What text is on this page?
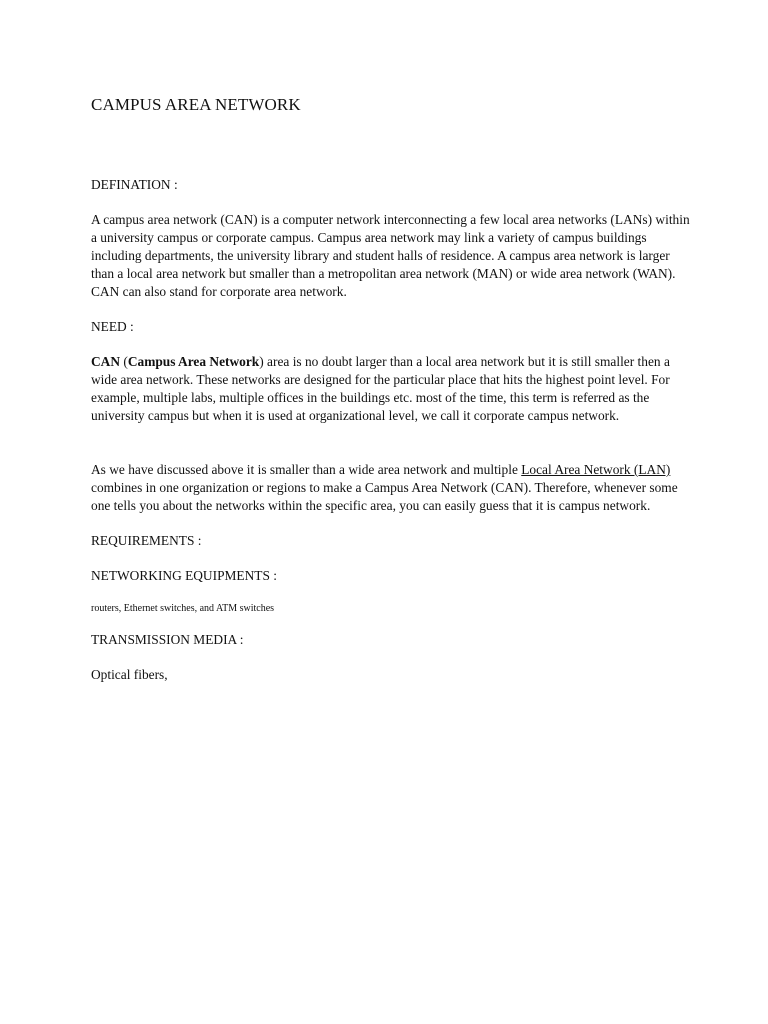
CAMPUS AREA NETWORK

DEFINATION :

A campus area network (CAN) is a computer network interconnecting a few local area networks (LANs) within a university campus or corporate campus. Campus area network may link a variety of campus buildings including departments, the university library and student halls of residence. A campus area network is larger than a local area network but smaller than a metropolitan area network (MAN) or wide area network (WAN). CAN can also stand for corporate area network.

NEED :

CAN (Campus Area Network) area is no doubt larger than a local area network but it is still smaller then a wide area network. These networks are designed for the particular place that hits the highest point level. For example, multiple labs, multiple offices in the buildings etc. most of the time, this term is referred as the university campus but when it is used at organizational level, we call it corporate campus network.

As we have discussed above it is smaller than a wide area network and multiple Local Area Network (LAN) combines in one organization or regions to make a Campus Area Network (CAN). Therefore, whenever some one tells you about the networks within the specific area, you can easily guess that it is campus network.

REQUIREMENTS :

NETWORKING EQUIPMENTS :

routers, Ethernet switches, and ATM switches

TRANSMISSION MEDIA :

Optical fibers,
